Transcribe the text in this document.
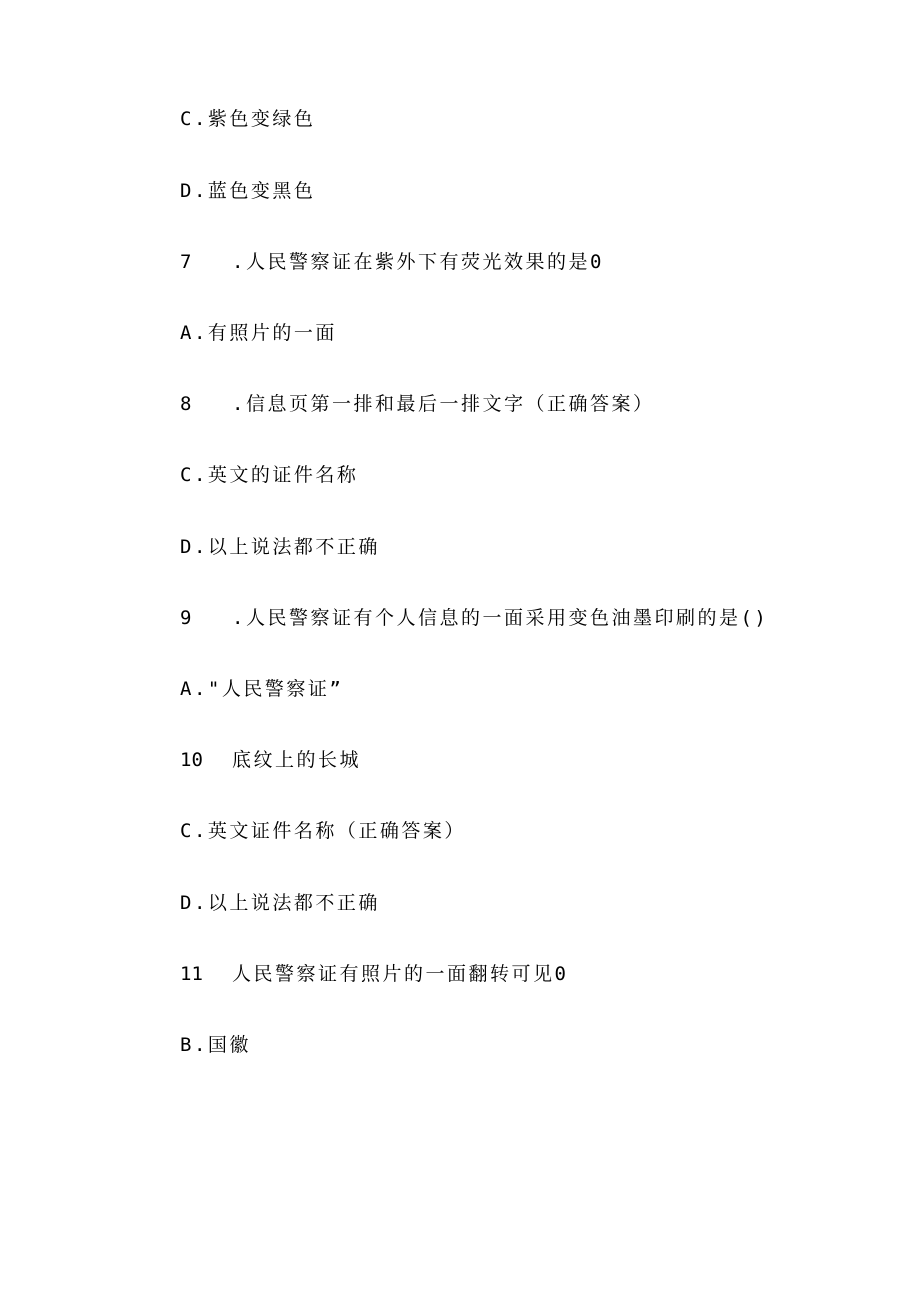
C.紫色变绿色
D.蓝色变黑色
7	.人民警察证在紫外下有荧光效果的是0
A.有照片的一面
8	.信息页第一排和最后一排文字（正确答案）
C.英文的证件名称
D.以上说法都不正确
9	.人民警察证有个人信息的一面采用变色油墨印刷的是()
A."人民警察证”
10	底纹上的长城
C.英文证件名称（正确答案）
D.以上说法都不正确
11	人民警察证有照片的一面翻转可见0
B.国徽
